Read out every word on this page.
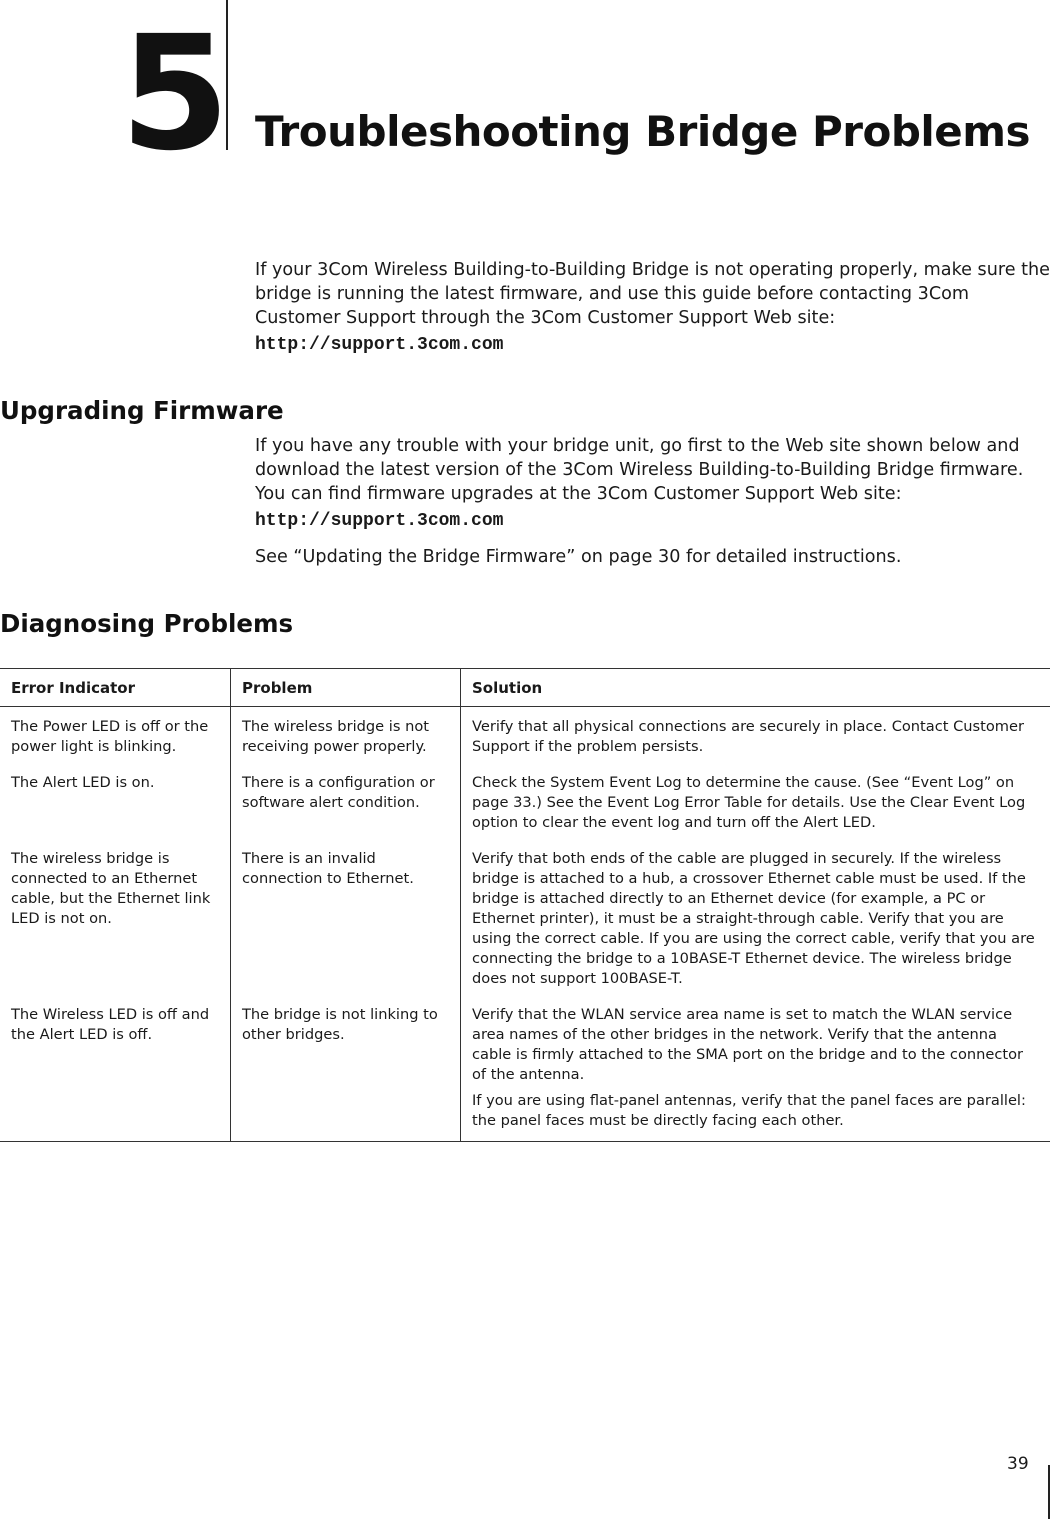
5 Troubleshooting Bridge Problems
If your 3Com Wireless Building-to-Building Bridge is not operating properly, make sure the bridge is running the latest firmware, and use this guide before contacting 3Com Customer Support through the 3Com Customer Support Web site:
http://support.3com.com
Upgrading Firmware
If you have any trouble with your bridge unit, go first to the Web site shown below and download the latest version of the 3Com Wireless Building-to-Building Bridge firmware. You can find firmware upgrades at the 3Com Customer Support Web site:
http://support.3com.com
See “Updating the Bridge Firmware” on page 30 for detailed instructions.
Diagnosing Problems
Error Indicator	Problem	Solution
The Power LED is off or the power light is blinking.	The wireless bridge is not receiving power properly.	Verify that all physical connections are securely in place. Contact Customer Support if the problem persists.

The Alert LED is on.	There is a configuration or software alert condition.	Check the System Event Log to determine the cause. (See “Event Log” on page 33.) See the Event Log Error Table for details. Use the Clear Event Log option to clear the event log and turn off the Alert LED.

The wireless bridge is connected to an Ethernet cable, but the Ethernet link LED is not on.	There is an invalid connection to Ethernet.	Verify that both ends of the cable are plugged in securely. If the wireless bridge is attached to a hub, a crossover Ethernet cable must be used. If the bridge is attached directly to an Ethernet device (for example, a PC or Ethernet printer), it must be a straight-through cable. Verify that you are using the correct cable. If you are using the correct cable, verify that you are connecting the bridge to a 10BASE-T Ethernet device. The wireless bridge does not support 100BASE-T.

The Wireless LED is off and the Alert LED is off.	The bridge is not linking to other bridges.	Verify that the WLAN service area name is set to match the WLAN service area names of the other bridges in the network. Verify that the antenna cable is firmly attached to the SMA port on the bridge and to the connector of the antenna.
If you are using flat-panel antennas, verify that the panel faces are parallel: the panel faces must be directly facing each other.
39
